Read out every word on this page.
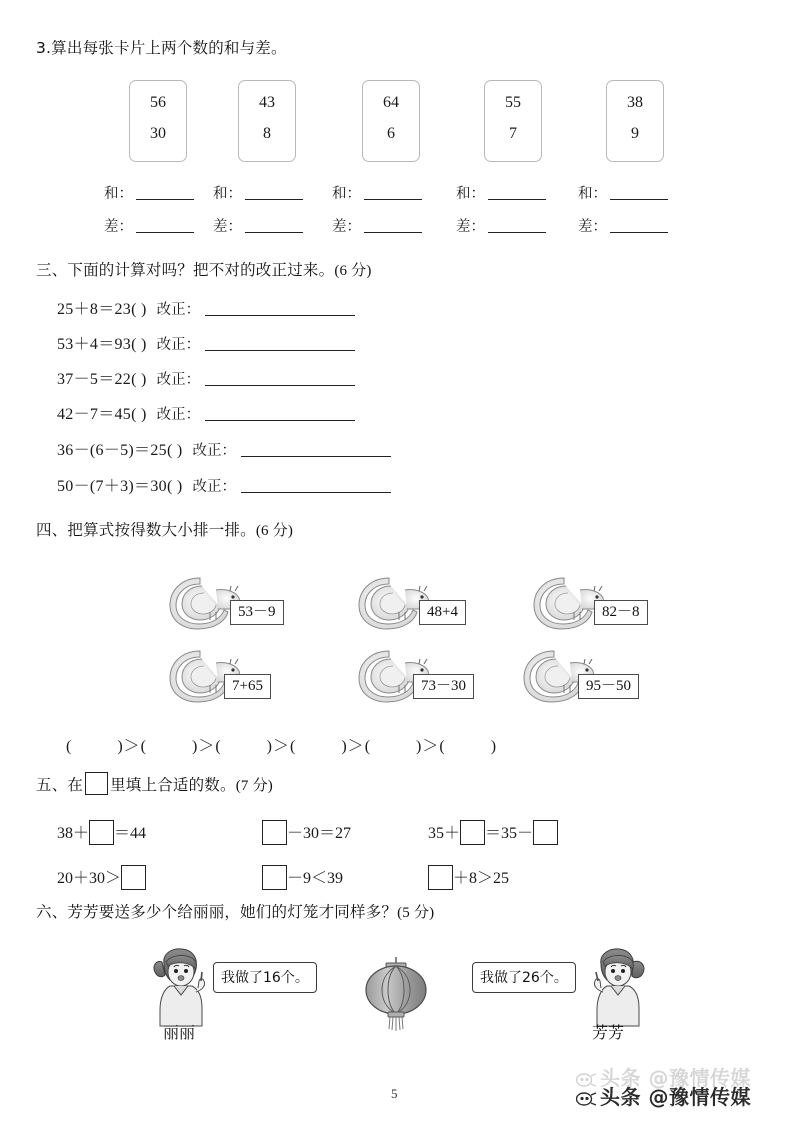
3.算出每张卡片上两个数的和与差。
56
30
43
8
64
6
55
7
38
9
和：	和：	和：	和：	和：
差：	差：	差：	差：	差：
三、下面的计算对吗？把不对的改正过来。(6 分)
25＋8＝23( ) 改正：
53＋4＝93( ) 改正：
37－5＝22( ) 改正：
42－7＝45( ) 改正：
36－(6－5)＝25( ) 改正：
50－(7＋3)＝30( ) 改正：
四、把算式按得数大小排一排。(6 分)
53－9	48+4	82－8
7+65	73－30	95－50
(	)＞(	)＞(	)＞(	)＞(	)＞(	)
五、在 里填上合适的数。(7 分)
38＋ ＝44	－30＝27	35＋ ＝35－
20＋30＞	－9＜39	＋8＞25
六、芳芳要送多少个给丽丽，她们的灯笼才同样多？(5 分)
我做了16个。
丽丽
我做了26个。
芳芳
5
头条 @豫情传媒
头条 @豫情传媒
